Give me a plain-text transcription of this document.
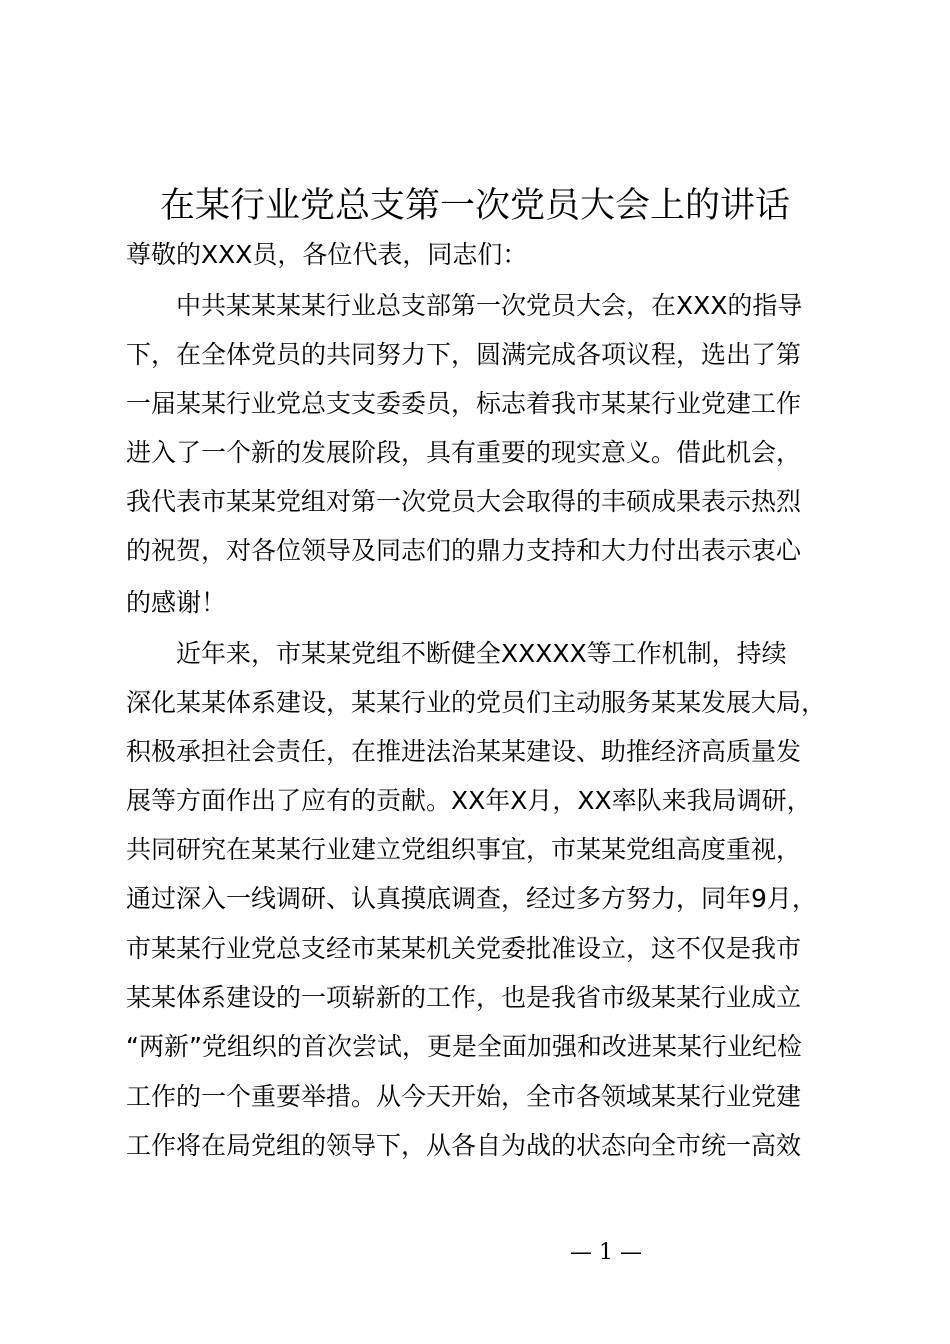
在某行业党总支第一次党员大会上的讲话

尊敬的XXX员，各位代表，同志们：

　　中共某某某某行业总支部第一次党员大会，在XXX的指导

下，在全体党员的共同努力下，圆满完成各项议程，选出了第

一届某某行业党总支支委委员，标志着我市某某行业党建工作

进入了一个新的发展阶段，具有重要的现实意义。借此机会，

我代表市某某党组对第一次党员大会取得的丰硕成果表示热烈

的祝贺，对各位领导及同志们的鼎力支持和大力付出表示衷心

的感谢！

　　近年来，市某某党组不断健全XXXXX等工作机制，持续

深化某某体系建设，某某行业的党员们主动服务某某发展大局，

积极承担社会责任，在推进法治某某建设、助推经济高质量发

展等方面作出了应有的贡献。XX年X月，XX率队来我局调研，

共同研究在某某行业建立党组织事宜，市某某党组高度重视，

通过深入一线调研、认真摸底调查，经过多方努力，同年9月，

市某某行业党总支经市某某机关党委批准设立，这不仅是我市

某某体系建设的一项崭新的工作，也是我省市级某某行业成立

“两新”党组织的首次尝试，更是全面加强和改进某某行业纪检

工作的一个重要举措。从今天开始，全市各领域某某行业党建

工作将在局党组的领导下，从各自为战的状态向全市统一高效

— 1 —
